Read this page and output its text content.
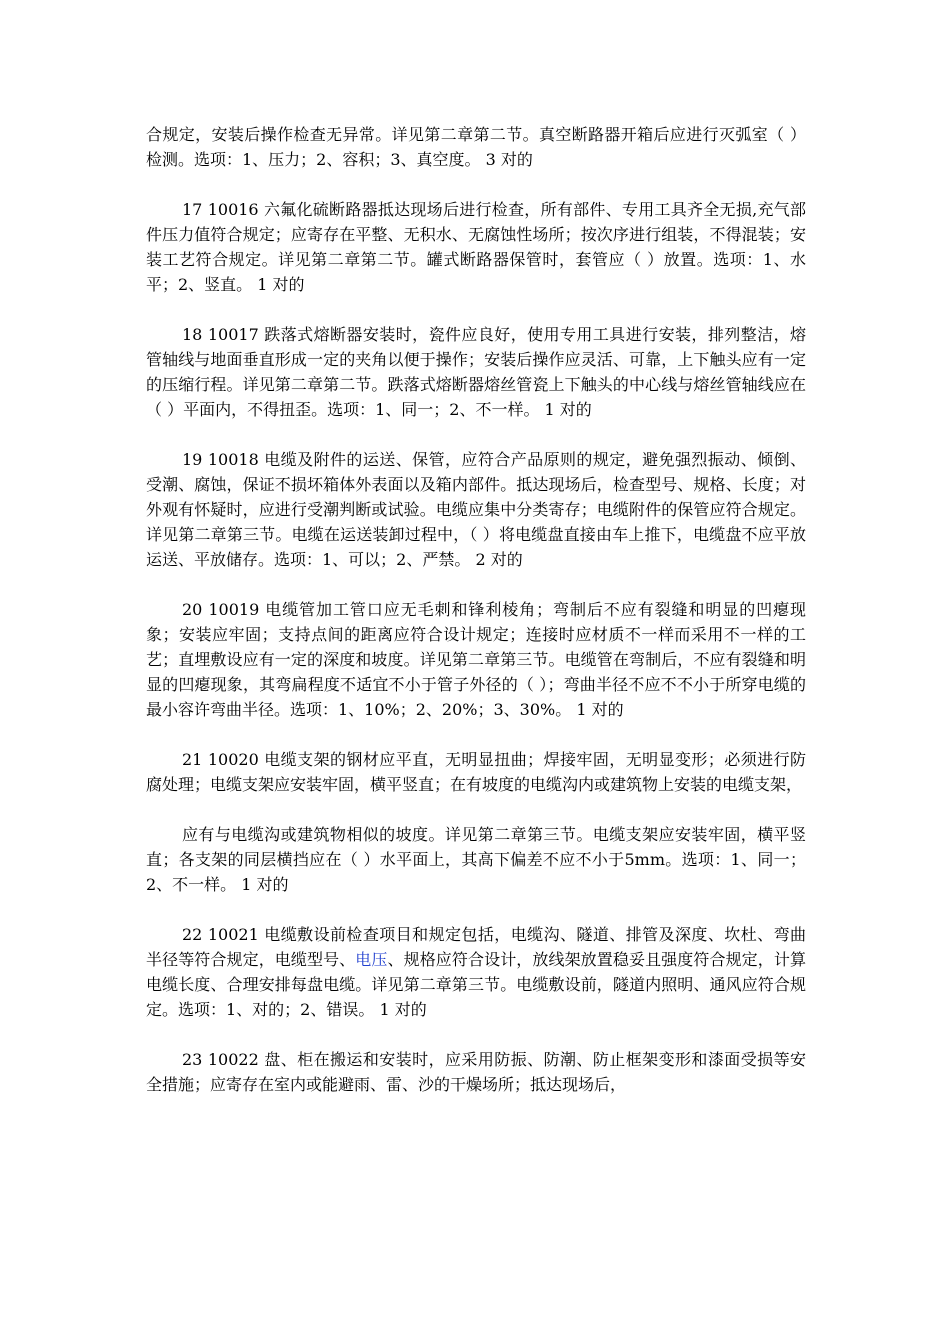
合规定，安装后操作检查无异常。详见第二章第二节。真空断路器开箱后应进行灭弧室（ ）检测。选项：1、压力；2、容积；3、真空度。 3 对的

17 10016 六氟化硫断路器抵达现场后进行检查，所有部件、专用工具齐全无损,充气部件压力值符合规定；应寄存在平整、无积水、无腐蚀性场所；按次序进行组装，不得混装；安装工艺符合规定。详见第二章第二节。罐式断路器保管时，套管应（ ）放置。选项：1、水平；2、竖直。 1 对的

18 10017 跌落式熔断器安装时，瓷件应良好，使用专用工具进行安装，排列整洁，熔管轴线与地面垂直形成一定的夹角以便于操作；安装后操作应灵活、可靠，上下触头应有一定的压缩行程。详见第二章第二节。跌落式熔断器熔丝管瓷上下触头的中心线与熔丝管轴线应在（ ）平面内，不得扭歪。选项：1、同一；2、不一样。 1 对的

19 10018 电缆及附件的运送、保管，应符合产品原则的规定，避免强烈振动、倾倒、受潮、腐蚀，保证不损坏箱体外表面以及箱内部件。抵达现场后，检查型号、规格、长度；对外观有怀疑时，应进行受潮判断或试验。电缆应集中分类寄存；电缆附件的保管应符合规定。详见第二章第三节。电缆在运送装卸过程中，（ ）将电缆盘直接由车上推下，电缆盘不应平放运送、平放储存。选项：1、可以；2、严禁。 2 对的

20 10019 电缆管加工管口应无毛刺和锋利棱角；弯制后不应有裂缝和明显的凹瘪现象；安装应牢固；支持点间的距离应符合设计规定；连接时应材质不一样而采用不一样的工艺；直埋敷设应有一定的深度和坡度。详见第二章第三节。电缆管在弯制后，不应有裂缝和明显的凹瘪现象，其弯扁程度不适宜不小于管子外径的（ ）；弯曲半径不应不不小于所穿电缆的最小容许弯曲半径。选项：1、10%；2、20%；3、30%。 1 对的

21 10020 电缆支架的钢材应平直，无明显扭曲；焊接牢固，无明显变形；必须进行防腐处理；电缆支架应安装牢固，横平竖直；在有坡度的电缆沟内或建筑物上安装的电缆支架，

应有与电缆沟或建筑物相似的坡度。详见第二章第三节。电缆支架应安装牢固，横平竖直；各支架的同层横挡应在（ ）水平面上，其高下偏差不应不小于5mm。选项：1、同一；2、不一样。 1 对的

22 10021 电缆敷设前检查项目和规定包括，电缆沟、隧道、排管及深度、坎杜、弯曲半径等符合规定，电缆型号、电压、规格应符合设计，放线架放置稳妥且强度符合规定，计算电缆长度、合理安排每盘电缆。详见第二章第三节。电缆敷设前，隧道内照明、通风应符合规定。选项：1、对的；2、错误。 1 对的

23 10022 盘、柜在搬运和安装时，应采用防振、防潮、防止框架变形和漆面受损等安全措施；应寄存在室内或能避雨、雷、沙的干燥场所；抵达现场后，
